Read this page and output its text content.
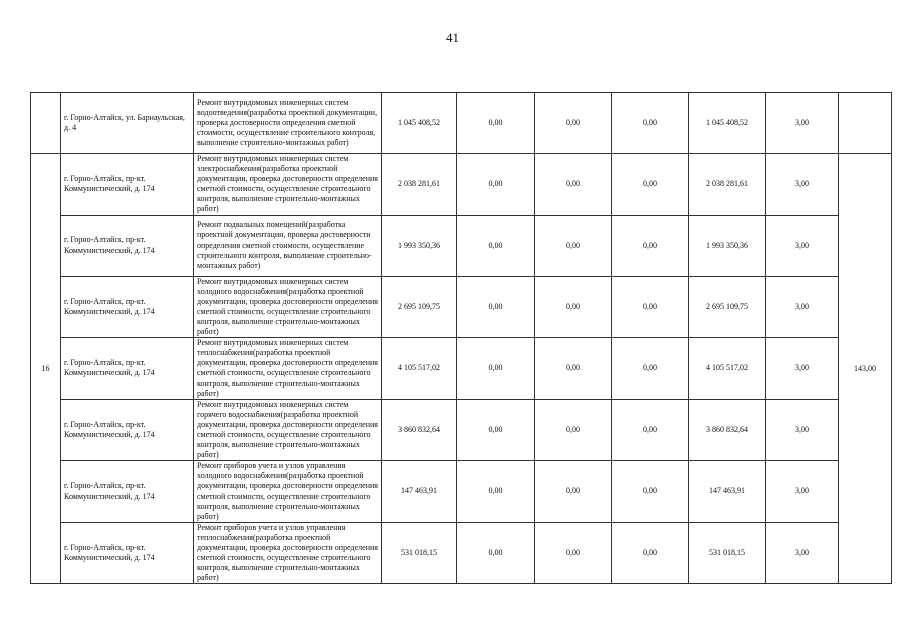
41
	г. Горно-Алтайск, ул. Барнаульская, д. 4	Ремонт внутридомовых инженерных систем водоотведения(разработка проектной документации, проверка достоверности определения сметной стоимости, осуществление строительного контроля, выполнение строительно-монтажных работ)	1 045 408,52	0,00	0,00	0,00	1 045 408,52	3,00	
16	г. Горно-Алтайск, пр-кт. Коммунистический, д. 174	Ремонт внутридомовых инженерных систем электроснабжения(разработка проектной документации, проверка достоверности определения сметной стоимости, осуществление строительного контроля, выполнение строительно-монтажных работ)	2 038 281,61	0,00	0,00	0,00	2 038 281,61	3,00	143,00
	г. Горно-Алтайск, пр-кт. Коммунистический, д. 174	Ремонт подвальных помещений(разработка проектной документации, проверка достоверности определения сметной стоимости, осуществление строительного контроля, выполнение строительно-монтажных работ)	1 993 350,36	0,00	0,00	0,00	1 993 350,36	3,00	
	г. Горно-Алтайск, пр-кт. Коммунистический, д. 174	Ремонт внутридомовых инженерных систем холодного водоснабжения(разработка проектной документации, проверка достоверности определения сметной стоимости, осуществление строительного контроля, выполнение строительно-монтажных работ)	2 695 109,75	0,00	0,00	0,00	2 695 109,75	3,00	
	г. Горно-Алтайск, пр-кт. Коммунистический, д. 174	Ремонт внутридомовых инженерных систем теплоснабжения(разработка проектной документации, проверка достоверности определения сметной стоимости, осуществление строительного контроля, выполнение строительно-монтажных работ)	4 105 517,02	0,00	0,00	0,00	4 105 517,02	3,00	
	г. Горно-Алтайск, пр-кт. Коммунистический, д. 174	Ремонт внутридомовых инженерных систем горячего водоснабжения(разработка проектной документации, проверка достоверности определения сметной стоимости, осуществление строительного контроля, выполнение строительно-монтажных работ)	3 860 832,64	0,00	0,00	0,00	3 860 832,64	3,00	
	г. Горно-Алтайск, пр-кт. Коммунистический, д. 174	Ремонт приборов учета и узлов управления холодного водоснабжения(разработка проектной документации, проверка достоверности определения сметной стоимости, осуществление строительного контроля, выполнение строительно-монтажных работ)	147 463,91	0,00	0,00	0,00	147 463,91	3,00	
	г. Горно-Алтайск, пр-кт. Коммунистический, д. 174	Ремонт приборов учета и узлов управления теплоснабжения(разработка проектной документации, проверка достоверности определения сметной стоимости, осуществление строительного контроля, выполнение строительно-монтажных работ)	531 018,15	0,00	0,00	0,00	531 018,15	3,00	
